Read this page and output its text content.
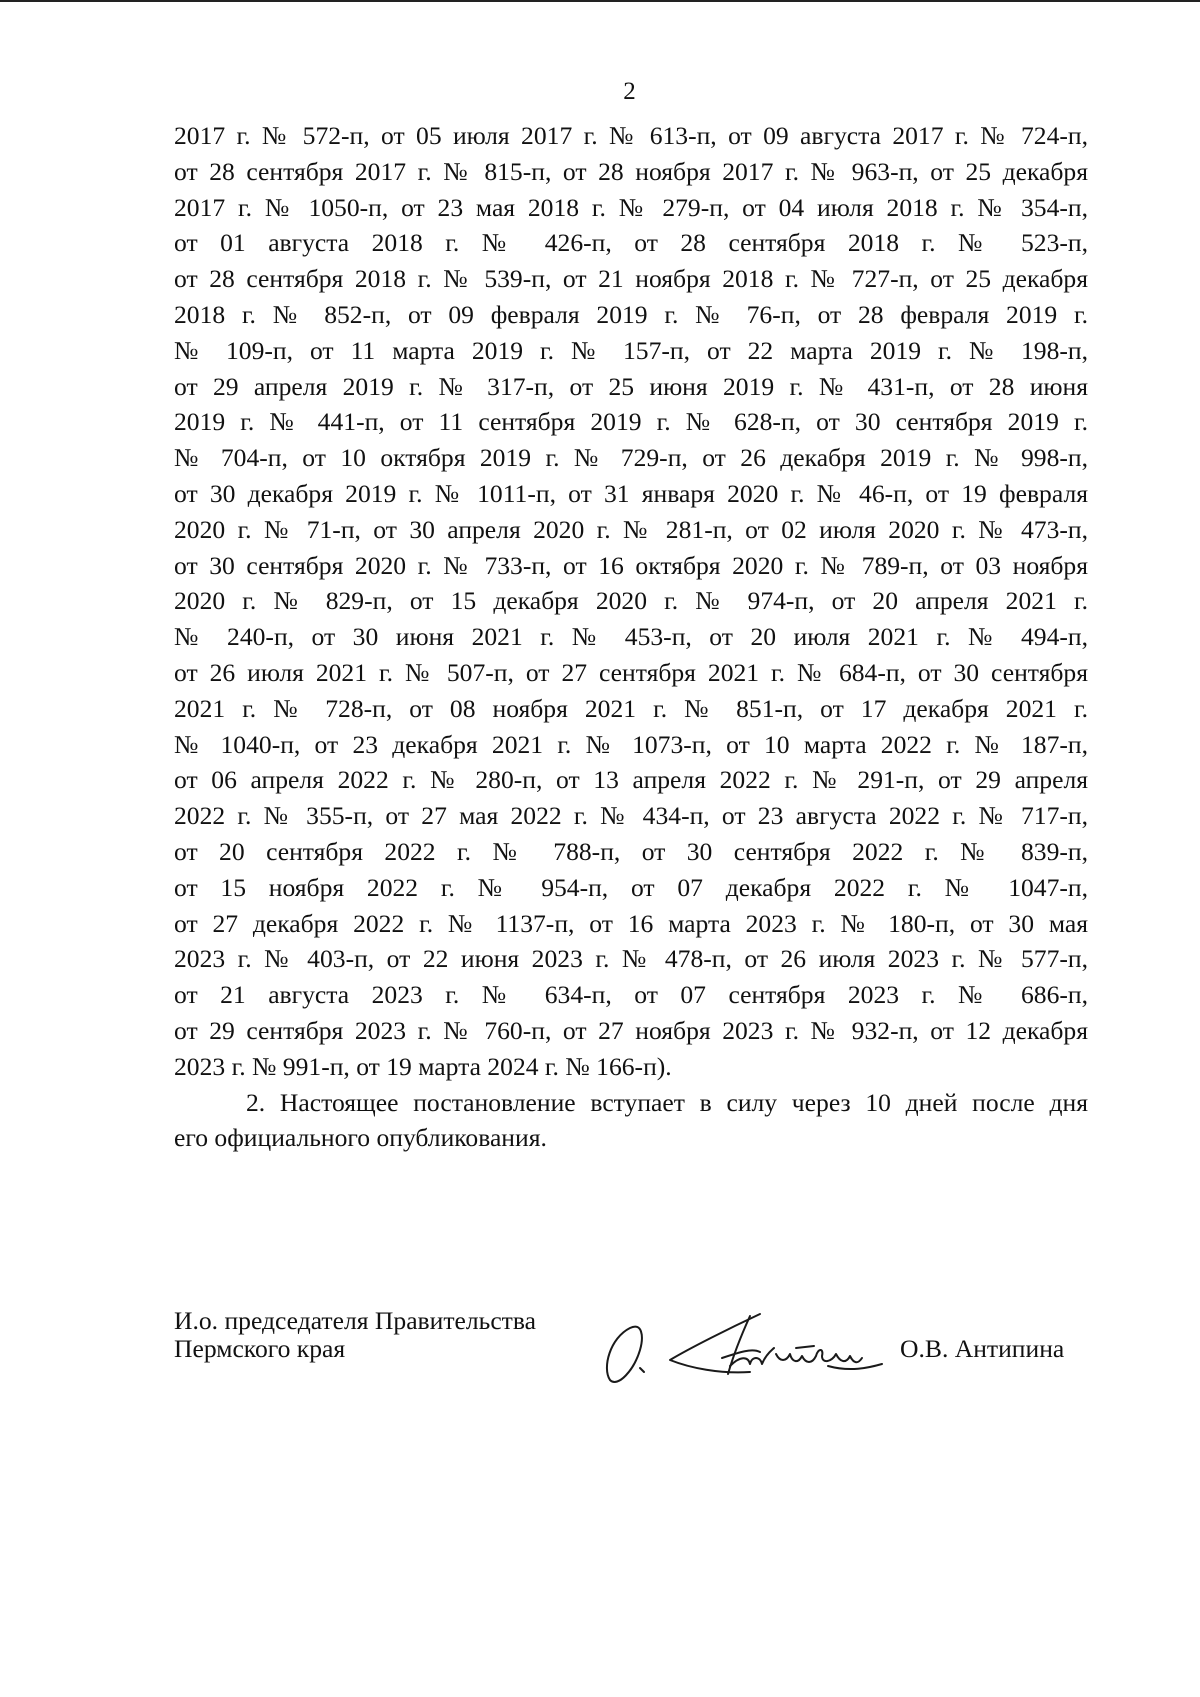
2
2017 г. № 572-п, от 05 июля 2017 г. № 613-п, от 09 августа 2017 г. № 724-п,
от 28 сентября 2017 г. № 815-п, от 28 ноября 2017 г. № 963-п, от 25 декабря
2017 г. № 1050-п, от 23 мая 2018 г. № 279-п, от 04 июля 2018 г. № 354-п,
от 01 августа 2018 г. № 426-п, от 28 сентября 2018 г. № 523-п,
от 28 сентября 2018 г. № 539-п, от 21 ноября 2018 г. № 727-п, от 25 декабря
2018 г. № 852-п, от 09 февраля 2019 г. № 76-п, от 28 февраля 2019 г.
№ 109-п, от 11 марта 2019 г. № 157-п, от 22 марта 2019 г. № 198-п,
от 29 апреля 2019 г. № 317-п, от 25 июня 2019 г. № 431-п, от 28 июня
2019 г. № 441-п, от 11 сентября 2019 г. № 628-п, от 30 сентября 2019 г.
№ 704-п, от 10 октября 2019 г. № 729-п, от 26 декабря 2019 г. № 998-п,
от 30 декабря 2019 г. № 1011-п, от 31 января 2020 г. № 46-п, от 19 февраля
2020 г. № 71-п, от 30 апреля 2020 г. № 281-п, от 02 июля 2020 г. № 473-п,
от 30 сентября 2020 г. № 733-п, от 16 октября 2020 г. № 789-п, от 03 ноября
2020 г. № 829-п, от 15 декабря 2020 г. № 974-п, от 20 апреля 2021 г.
№ 240-п, от 30 июня 2021 г. № 453-п, от 20 июля 2021 г. № 494-п,
от 26 июля 2021 г. № 507-п, от 27 сентября 2021 г. № 684-п, от 30 сентября
2021 г. № 728-п, от 08 ноября 2021 г. № 851-п, от 17 декабря 2021 г.
№ 1040-п, от 23 декабря 2021 г. № 1073-п, от 10 марта 2022 г. № 187-п,
от 06 апреля 2022 г. № 280-п, от 13 апреля 2022 г. № 291-п, от 29 апреля
2022 г. № 355-п, от 27 мая 2022 г. № 434-п, от 23 августа 2022 г. № 717-п,
от 20 сентября 2022 г. № 788-п, от 30 сентября 2022 г. № 839-п,
от 15 ноября 2022 г. № 954-п, от 07 декабря 2022 г. № 1047-п,
от 27 декабря 2022 г. № 1137-п, от 16 марта 2023 г. № 180-п, от 30 мая
2023 г. № 403-п, от 22 июня 2023 г. № 478-п, от 26 июля 2023 г. № 577-п,
от 21 августа 2023 г. № 634-п, от 07 сентября 2023 г. № 686-п,
от 29 сентября 2023 г. № 760-п, от 27 ноября 2023 г. № 932-п, от 12 декабря
2023 г. № 991-п, от 19 марта 2024 г. № 166-п).
2. Настоящее постановление вступает в силу через 10 дней после дня
его официального опубликования.
И.о. председателя Правительства
Пермского края	О.В. Антипина
